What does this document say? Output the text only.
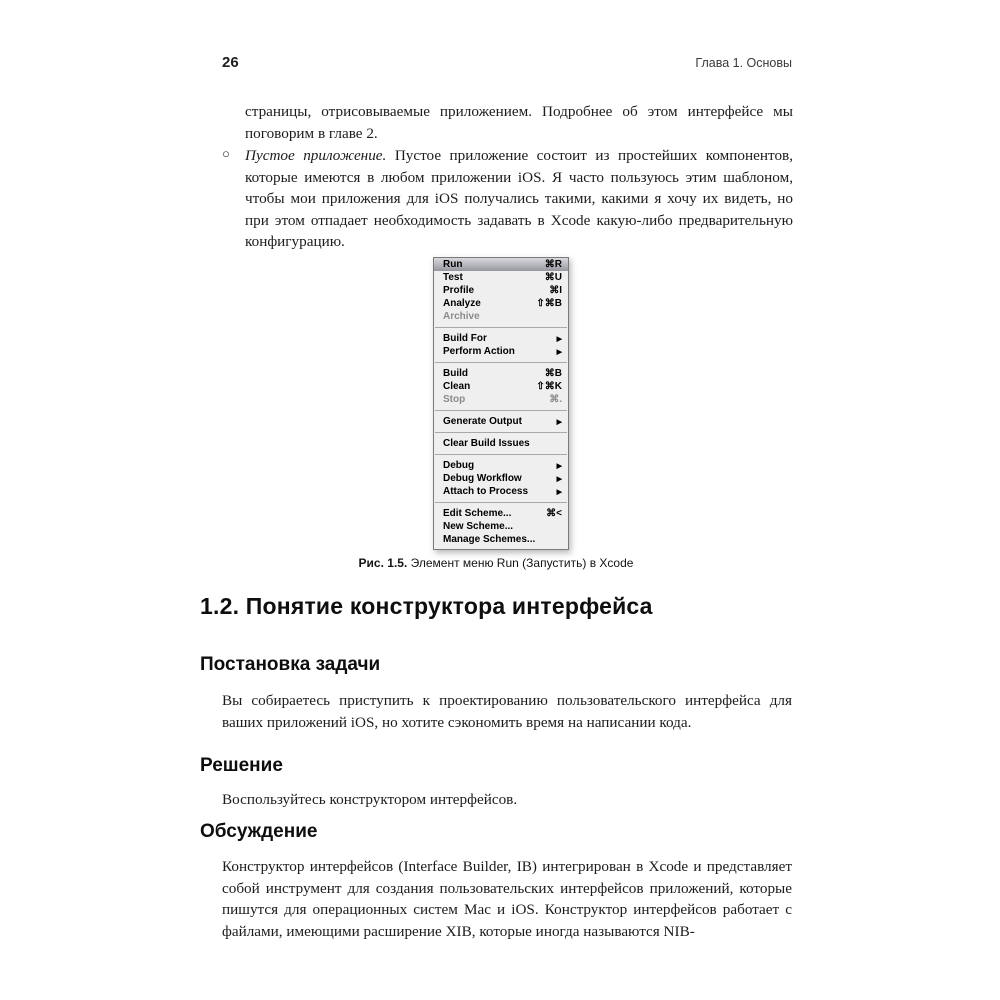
26	Глава 1. Основы
страницы, отрисовываемые приложением. Подробнее об этом интерфейсе мы поговорим в главе 2.
○ Пустое приложение. Пустое приложение состоит из простейших компонентов, которые имеются в любом приложении iOS. Я часто пользуюсь этим шаблоном, чтобы мои приложения для iOS получались такими, какими я хочу их видеть, но при этом отпадает необходимость задавать в Xcode какую-либо предварительную конфигурацию.
Run	⌘R
Test	⌘U
Profile	⌘I
Analyze	⇧⌘B
Archive
Build For	▶
Perform Action	▶
Build	⌘B
Clean	⇧⌘K
Stop	⌘.
Generate Output	▶
Clear Build Issues
Debug	▶
Debug Workflow	▶
Attach to Process	▶
Edit Scheme...	⌘<
New Scheme...
Manage Schemes...
Рис. 1.5. Элемент меню Run (Запустить) в Xcode
1.2. Понятие конструктора интерфейса
Постановка задачи
Вы собираетесь приступить к проектированию пользовательского интерфейса для ваших приложений iOS, но хотите сэкономить время на написании кода.
Решение
Воспользуйтесь конструктором интерфейсов.
Обсуждение
Конструктор интерфейсов (Interface Builder, IB) интегрирован в Xcode и представляет собой инструмент для создания пользовательских интерфейсов приложений, которые пишутся для операционных систем Mac и iOS. Конструктор интерфейсов работает с файлами, имеющими расширение XIB, которые иногда называются NIB-
